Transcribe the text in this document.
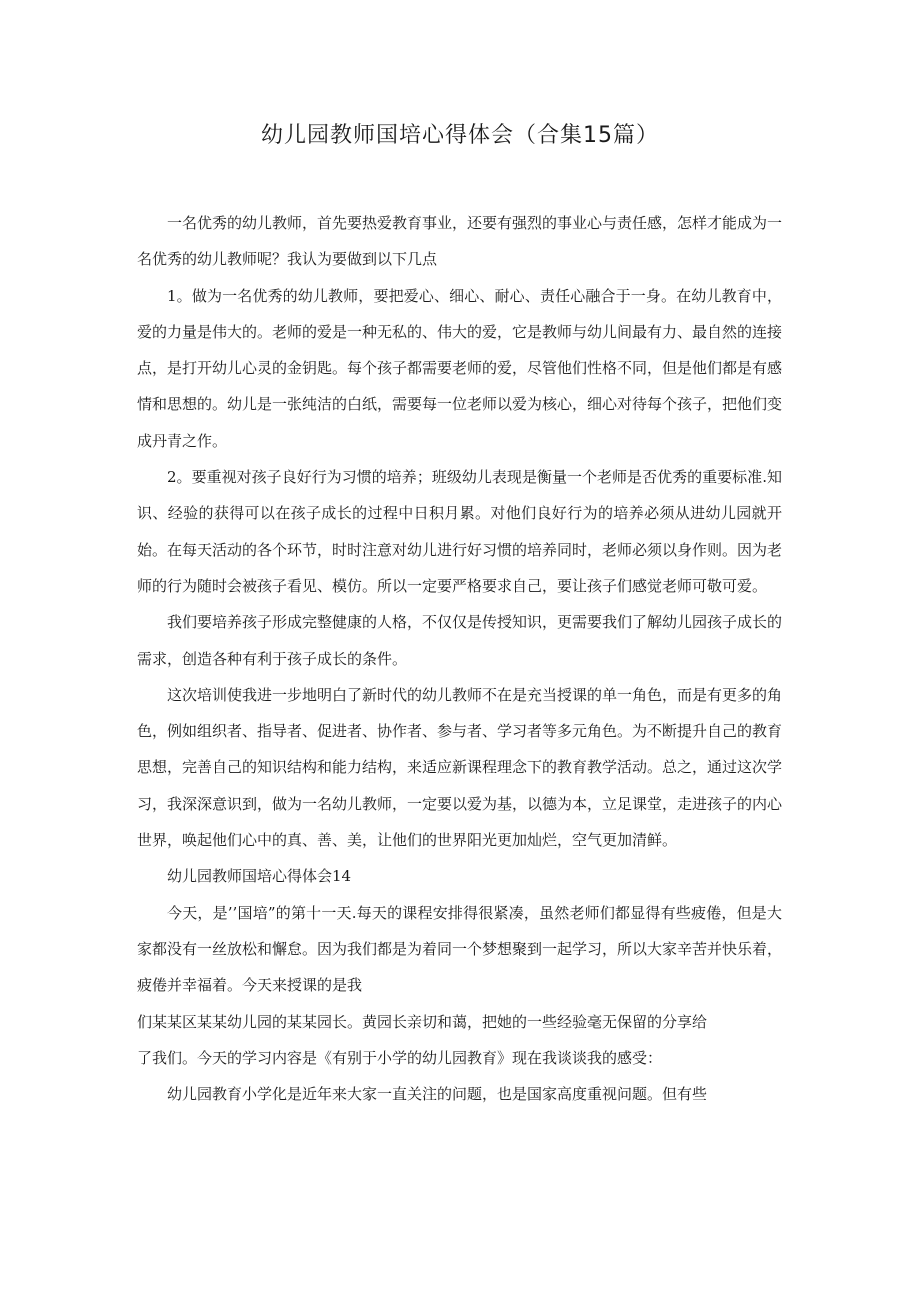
幼儿园教师国培心得体会（合集15篇）

一名优秀的幼儿教师，首先要热爱教育事业，还要有强烈的事业心与责任感，怎样才能成为一名优秀的幼儿教师呢？我认为要做到以下几点

1。做为一名优秀的幼儿教师，要把爱心、细心、耐心、责任心融合于一身。在幼儿教育中，爱的力量是伟大的。老师的爱是一种无私的、伟大的爱，它是教师与幼儿间最有力、最自然的连接点，是打开幼儿心灵的金钥匙。每个孩子都需要老师的爱，尽管他们性格不同，但是他们都是有感情和思想的。幼儿是一张纯洁的白纸，需要每一位老师以爱为核心，细心对待每个孩子，把他们变成丹青之作。

2。要重视对孩子良好行为习惯的培养；班级幼儿表现是衡量一个老师是否优秀的重要标准.知识、经验的获得可以在孩子成长的过程中日积月累。对他们良好行为的培养必须从进幼儿园就开始。在每天活动的各个环节，时时注意对幼儿进行好习惯的培养同时，老师必须以身作则。因为老师的行为随时会被孩子看见、模仿。所以一定要严格要求自己，要让孩子们感觉老师可敬可爱。

我们要培养孩子形成完整健康的人格，不仅仅是传授知识，更需要我们了解幼儿园孩子成长的需求，创造各种有利于孩子成长的条件。

这次培训使我进一步地明白了新时代的幼儿教师不在是充当授课的单一角色，而是有更多的角色，例如组织者、指导者、促进者、协作者、参与者、学习者等多元角色。为不断提升自己的教育思想，完善自己的知识结构和能力结构，来适应新课程理念下的教育教学活动。总之，通过这次学习，我深深意识到，做为一名幼儿教师，一定要以爱为基，以德为本，立足课堂，走进孩子的内心世界，唤起他们心中的真、善、美，让他们的世界阳光更加灿烂，空气更加清鲜。

幼儿园教师国培心得体会14

今天，是’’国培”的第十一天.每天的课程安排得很紧凑，虽然老师们都显得有些疲倦，但是大家都没有一丝放松和懈怠。因为我们都是为着同一个梦想聚到一起学习，所以大家辛苦并快乐着，疲倦并幸福着。今天来授课的是我

们某某区某某幼儿园的某某园长。黄园长亲切和蔼，把她的一些经验毫无保留的分享给

了我们。今天的学习内容是《有别于小学的幼儿园教育》现在我谈谈我的感受：

幼儿园教育小学化是近年来大家一直关注的问题，也是国家高度重视问题。但有些
